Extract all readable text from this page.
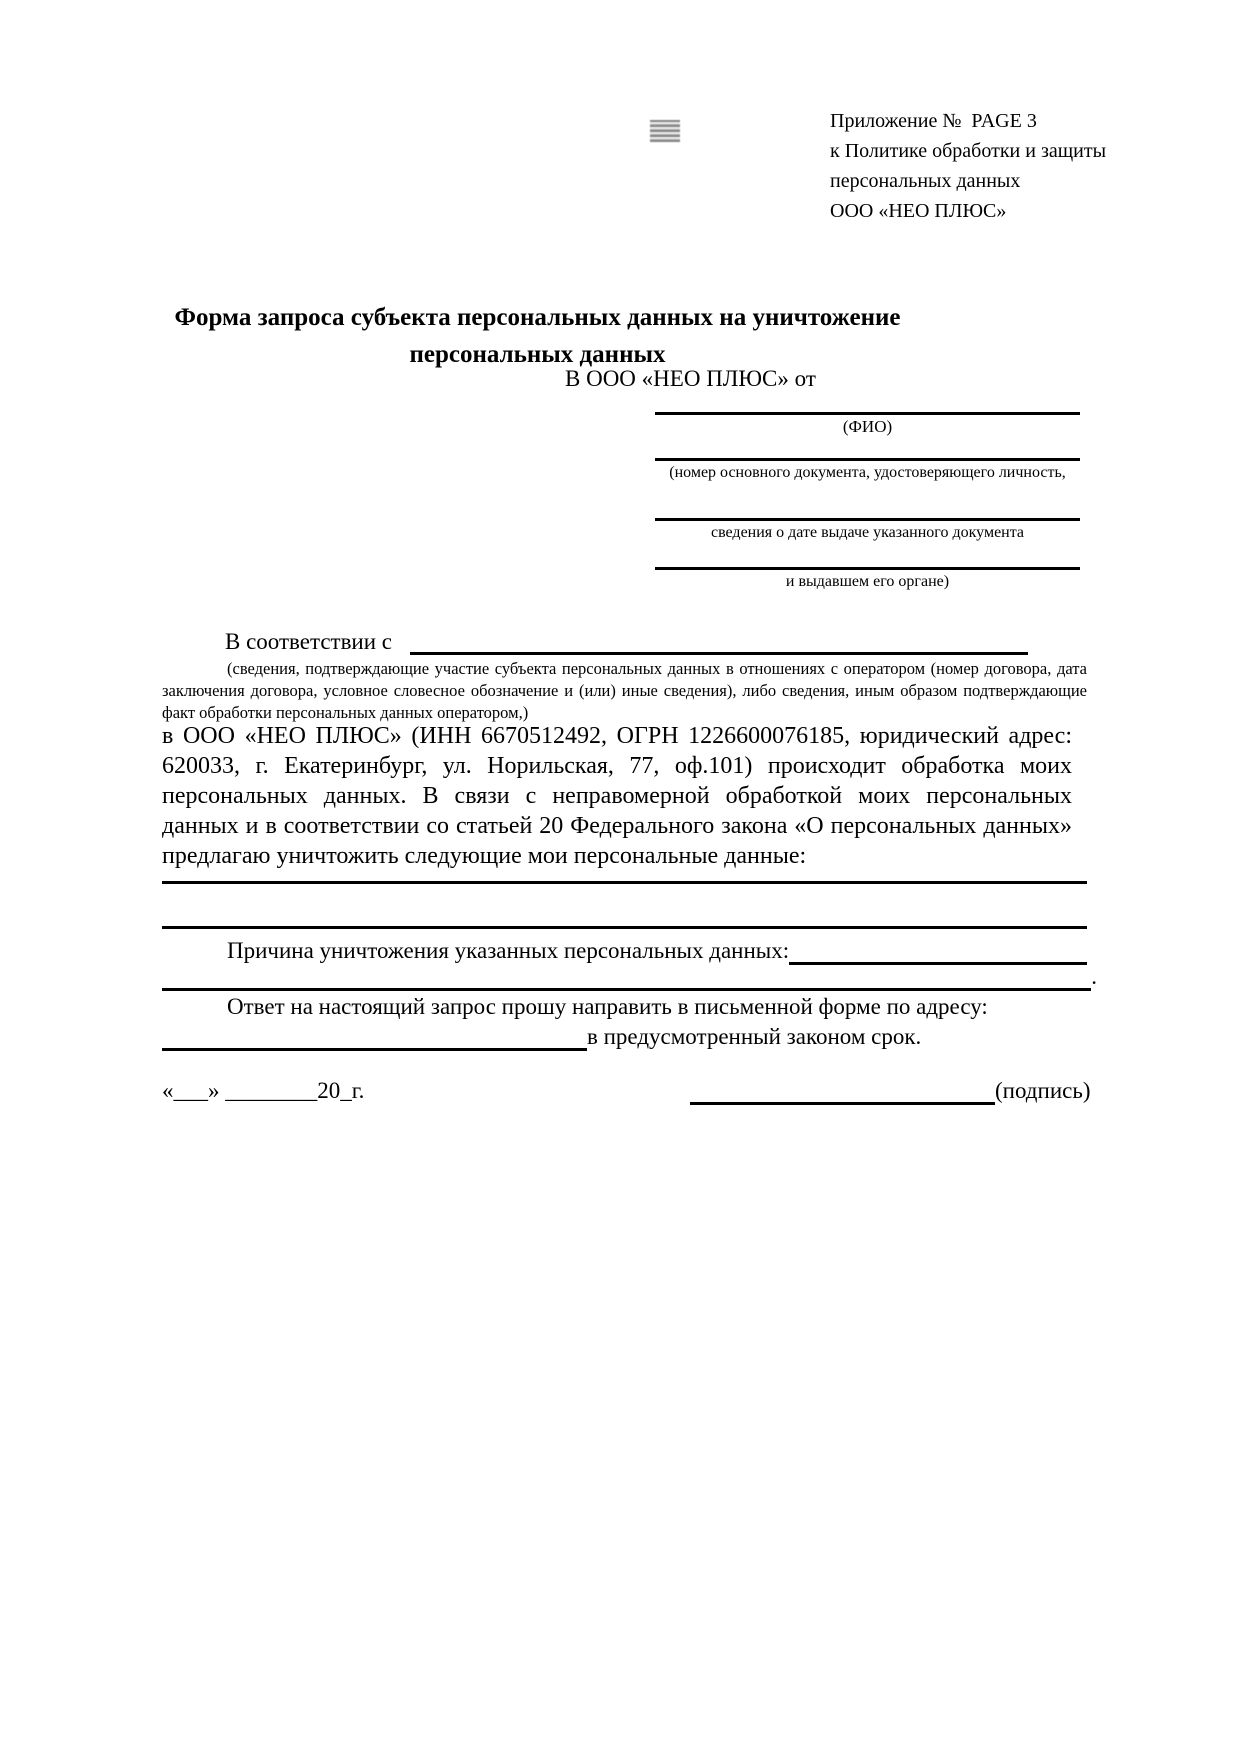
Приложение №  PAGE 3
к Политике обработки и защиты
персональных данных
ООО «НЕО ПЛЮС»
Форма запроса субъекта персональных данных на уничтожение
персональных данных
В ООО «НЕО ПЛЮС» от
(ФИО)
(номер основного документа, удостоверяющего личность,
сведения о дате выдаче указанного документа
и выдавшем его органе)
В соответствии с
(сведения, подтверждающие участие субъекта персональных данных в отношениях с оператором (номер договора, дата заключения договора, условное словесное обозначение и (или) иные сведения), либо сведения, иным образом подтверждающие факт обработки персональных данных оператором,)
в ООО «НЕО ПЛЮС» (ИНН 6670512492, ОГРН 1226600076185, юридический адрес: 620033, г. Екатеринбург, ул. Норильская, 77, оф.101) происходит обработка моих персональных данных. В связи с неправомерной обработкой моих персональных данных и в соответствии со статьей 20 Федерального закона «О персональных данных» предлагаю уничтожить следующие мои персональные данные:
Причина уничтожения указанных персональных данных:
.
Ответ на настоящий запрос прошу направить в письменной форме по адресу:
в предусмотренный законом срок.
«___» ________20_г.	(подпись)
